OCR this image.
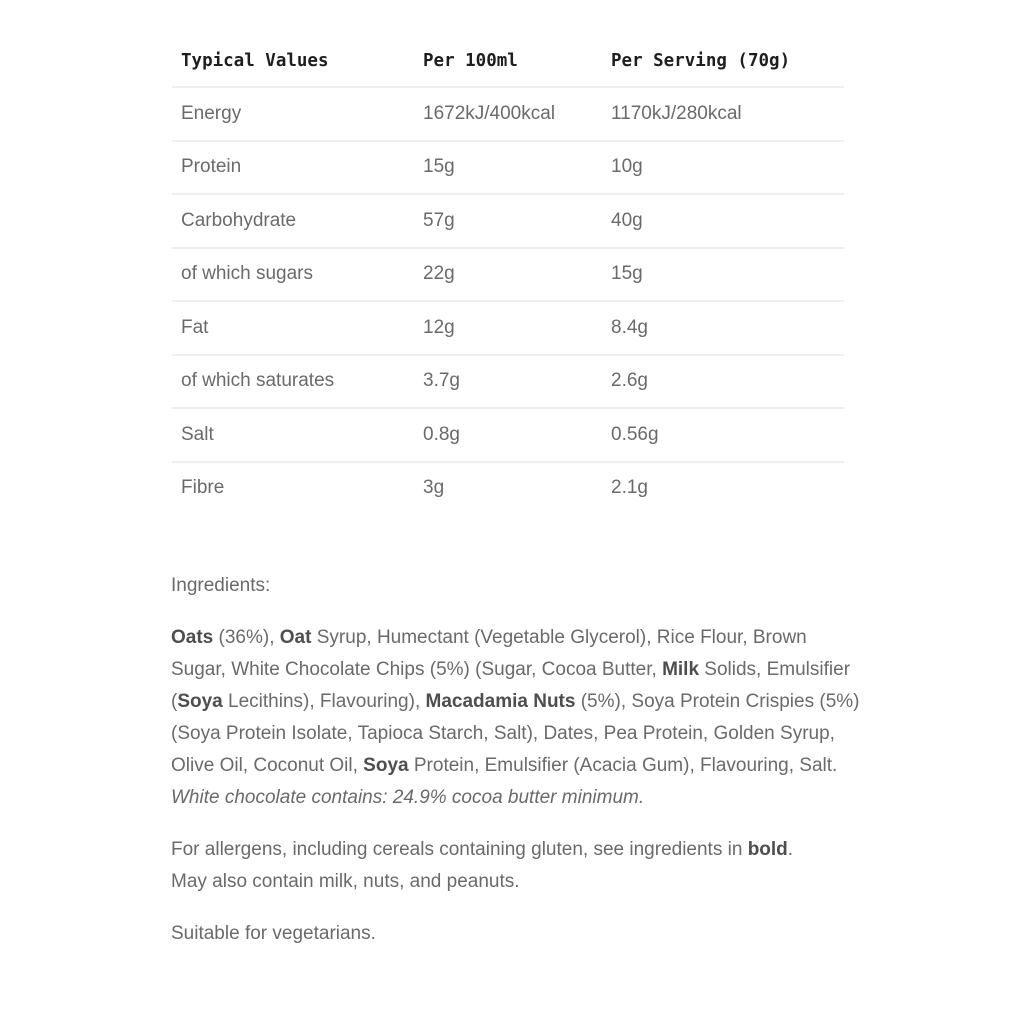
Typical Values	Per 100ml	Per Serving (70g)
Energy	1672kJ/400kcal	1170kJ/280kcal
Protein	15g	10g
Carbohydrate	57g	40g
of which sugars	22g	15g
Fat	12g	8.4g
of which saturates	3.7g	2.6g
Salt	0.8g	0.56g
Fibre	3g	2.1g

Ingredients:

Oats (36%), Oat Syrup, Humectant (Vegetable Glycerol), Rice Flour, Brown Sugar, White Chocolate Chips (5%) (Sugar, Cocoa Butter, Milk Solids, Emulsifier (Soya Lecithins), Flavouring), Macadamia Nuts (5%), Soya Protein Crispies (5%) (Soya Protein Isolate, Tapioca Starch, Salt), Dates, Pea Protein, Golden Syrup, Olive Oil, Coconut Oil, Soya Protein, Emulsifier (Acacia Gum), Flavouring, Salt.

White chocolate contains: 24.9% cocoa butter minimum.

For allergens, including cereals containing gluten, see ingredients in bold.

May also contain milk, nuts, and peanuts.

Suitable for vegetarians.
